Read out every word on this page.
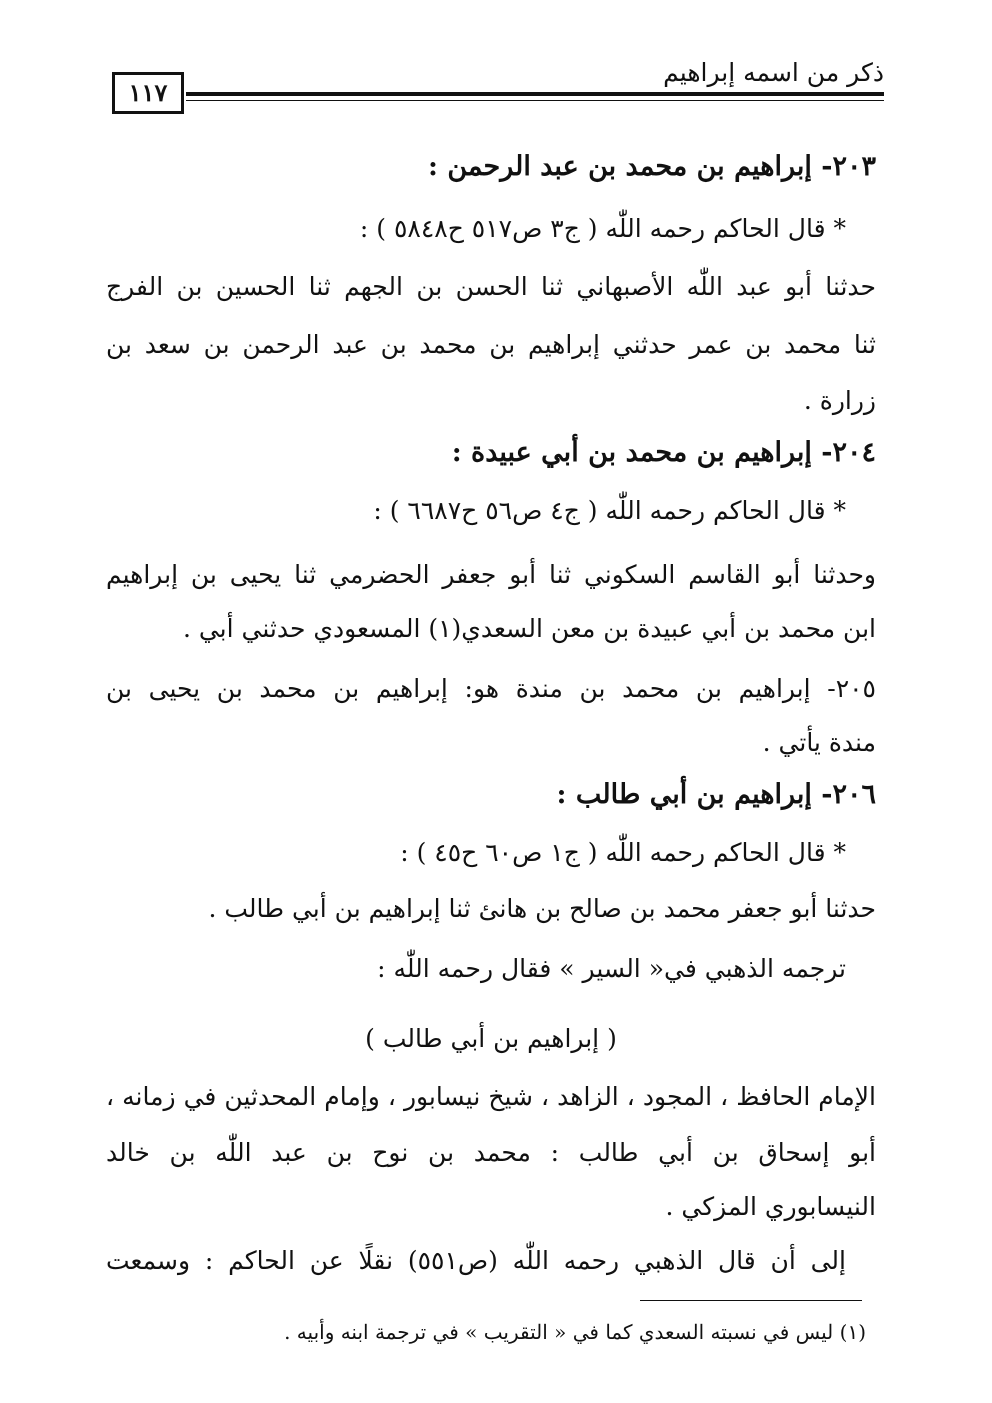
ذكر من اسمه إبراهيم
١١٧
٢٠٣- إبراهيم بن محمد بن عبد الرحمن :
* قال الحاكم رحمه اللّٰه ( ج٣ ص٥١٧ ح٥٨٤٨ ) :
حدثنا أبو عبد اللّٰه الأصبهاني ثنا الحسن بن الجهم ثنا الحسين بن الفرج
ثنا محمد بن عمر حدثني إبراهيم بن محمد بن عبد الرحمن بن سعد بن
زرارة .
٢٠٤- إبراهيم بن محمد بن أبي عبيدة :
* قال الحاكم رحمه اللّٰه ( ج٤ ص٥٦ ح٦٦٨٧ ) :
وحدثنا أبو القاسم السكوني ثنا أبو جعفر الحضرمي ثنا يحيى بن إبراهيم
ابن محمد بن أبي عبيدة بن معن السعدي(١) المسعودي حدثني أبي .
٢٠٥- إبراهيم بن محمد بن مندة هو: إبراهيم بن محمد بن يحيى بن
مندة يأتي .
٢٠٦- إبراهيم بن أبي طالب :
* قال الحاكم رحمه اللّٰه ( ج١ ص٦٠ ح٤٥ ) :
حدثنا أبو جعفر محمد بن صالح بن هانئ ثنا إبراهيم بن أبي طالب .
ترجمه الذهبي في« السير » فقال رحمه اللّٰه :
( إبراهيم بن أبي طالب )
الإمام الحافظ ، المجود ، الزاهد ، شيخ نيسابور ، وإمام المحدثين في زمانه ،
أبو إسحاق بن أبي طالب : محمد بن نوح بن عبد اللّٰه بن خالد
النيسابوري المزكي .
إلى أن قال الذهبي رحمه اللّٰه (ص٥٥١) نقلًا عن الحاكم : وسمعت
(١) ليس في نسبته السعدي كما في « التقريب » في ترجمة ابنه وأبيه .
